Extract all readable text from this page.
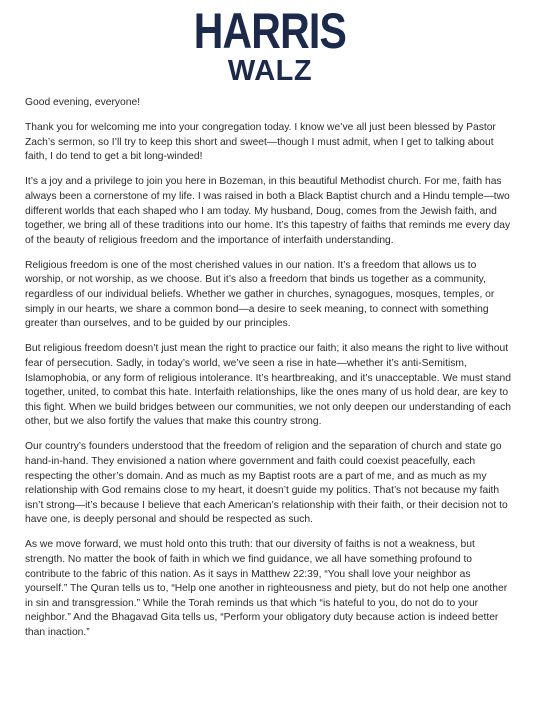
HARRIS
WALZ

Good evening, everyone!

Thank you for welcoming me into your congregation today. I know we’ve all just been blessed by Pastor Zach’s sermon, so I’ll try to keep this short and sweet—though I must admit, when I get to talking about faith, I do tend to get a bit long-winded!

It’s a joy and a privilege to join you here in Bozeman, in this beautiful Methodist church. For me, faith has always been a cornerstone of my life. I was raised in both a Black Baptist church and a Hindu temple—two different worlds that each shaped who I am today. My husband, Doug, comes from the Jewish faith, and together, we bring all of these traditions into our home. It’s this tapestry of faiths that reminds me every day of the beauty of religious freedom and the importance of interfaith understanding.

Religious freedom is one of the most cherished values in our nation. It’s a freedom that allows us to worship, or not worship, as we choose. But it’s also a freedom that binds us together as a community, regardless of our individual beliefs. Whether we gather in churches, synagogues, mosques, temples, or simply in our hearts, we share a common bond—a desire to seek meaning, to connect with something greater than ourselves, and to be guided by our principles.

But religious freedom doesn’t just mean the right to practice our faith; it also means the right to live without fear of persecution. Sadly, in today’s world, we’ve seen a rise in hate—whether it’s anti-Semitism, Islamophobia, or any form of religious intolerance. It’s heartbreaking, and it’s unacceptable. We must stand together, united, to combat this hate. Interfaith relationships, like the ones many of us hold dear, are key to this fight. When we build bridges between our communities, we not only deepen our understanding of each other, but we also fortify the values that make this country strong.

Our country’s founders understood that the freedom of religion and the separation of church and state go hand-in-hand. They envisioned a nation where government and faith could coexist peacefully, each respecting the other’s domain. And as much as my Baptist roots are a part of me, and as much as my relationship with God remains close to my heart, it doesn’t guide my politics. That’s not because my faith isn’t strong—it’s because I believe that each American’s relationship with their faith, or their decision not to have one, is deeply personal and should be respected as such.

As we move forward, we must hold onto this truth: that our diversity of faiths is not a weakness, but strength. No matter the book of faith in which we find guidance, we all have something profound to contribute to the fabric of this nation. As it says in Matthew 22:39, “You shall love your neighbor as yourself.” The Quran tells us to, “Help one another in righteousness and piety, but do not help one another in sin and transgression.” While the Torah reminds us that which “is hateful to you, do not do to your neighbor.” And the Bhagavad Gita tells us, “Perform your obligatory duty because action is indeed better than inaction.”
